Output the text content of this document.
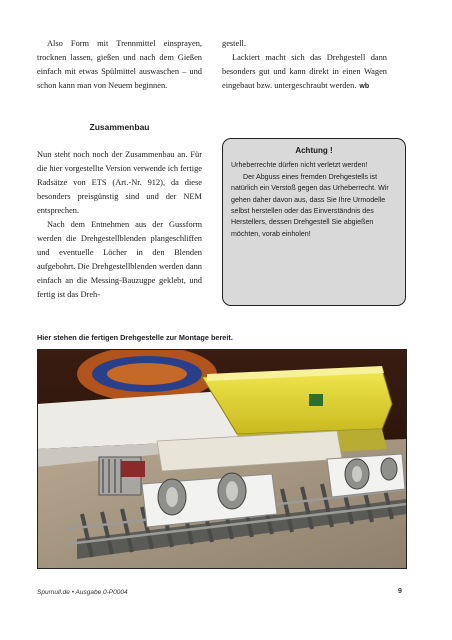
Also Form mit Trennmittel einsprayen, trocknen lassen, gießen und nach dem Gießen einfach mit etwas Spülmittel auswaschen – und schon kann man von Neuem beginnen.

gestell.

Lackiert macht sich das Drehgestell dann besonders gut und kann direkt in einen Wagen eingebaut bzw. untergeschraubt werden. wb

Zusammenbau

Nun steht noch noch der Zusammenbau an. Für die hier vorgestellte Version verwende ich fertige Radsätze von ETS (Art.-Nr. 912), da diese besonders preisgünstig sind und der NEM entsprechen.

Nach dem Entnehmen aus der Gussform werden die Drehgestellblenden plangeschliffen und eventuelle Löcher in den Blenden aufgebohrt. Die Drehgestellblenden werden dann einfach an die Messing-Bauzugpe geklebt, und fertig ist das Dreh-

Achtung !

Urheberrechte dürfen nicht verletzt werden!

Der Abguss eines fremden Drehgestells ist natürlich ein Verstoß gegen das Urheberrecht. Wir gehen daher davon aus, dass Sie Ihre Urmodelle selbst herstellen oder das Einverständnis des Herstellers, dessen Drehgestell Sie abgießen möchten, vorab einholen!

Hier stehen die fertigen Drehgestelle zur Montage bereit.
Spurnull.de • Ausgabe 0-P0004	9
